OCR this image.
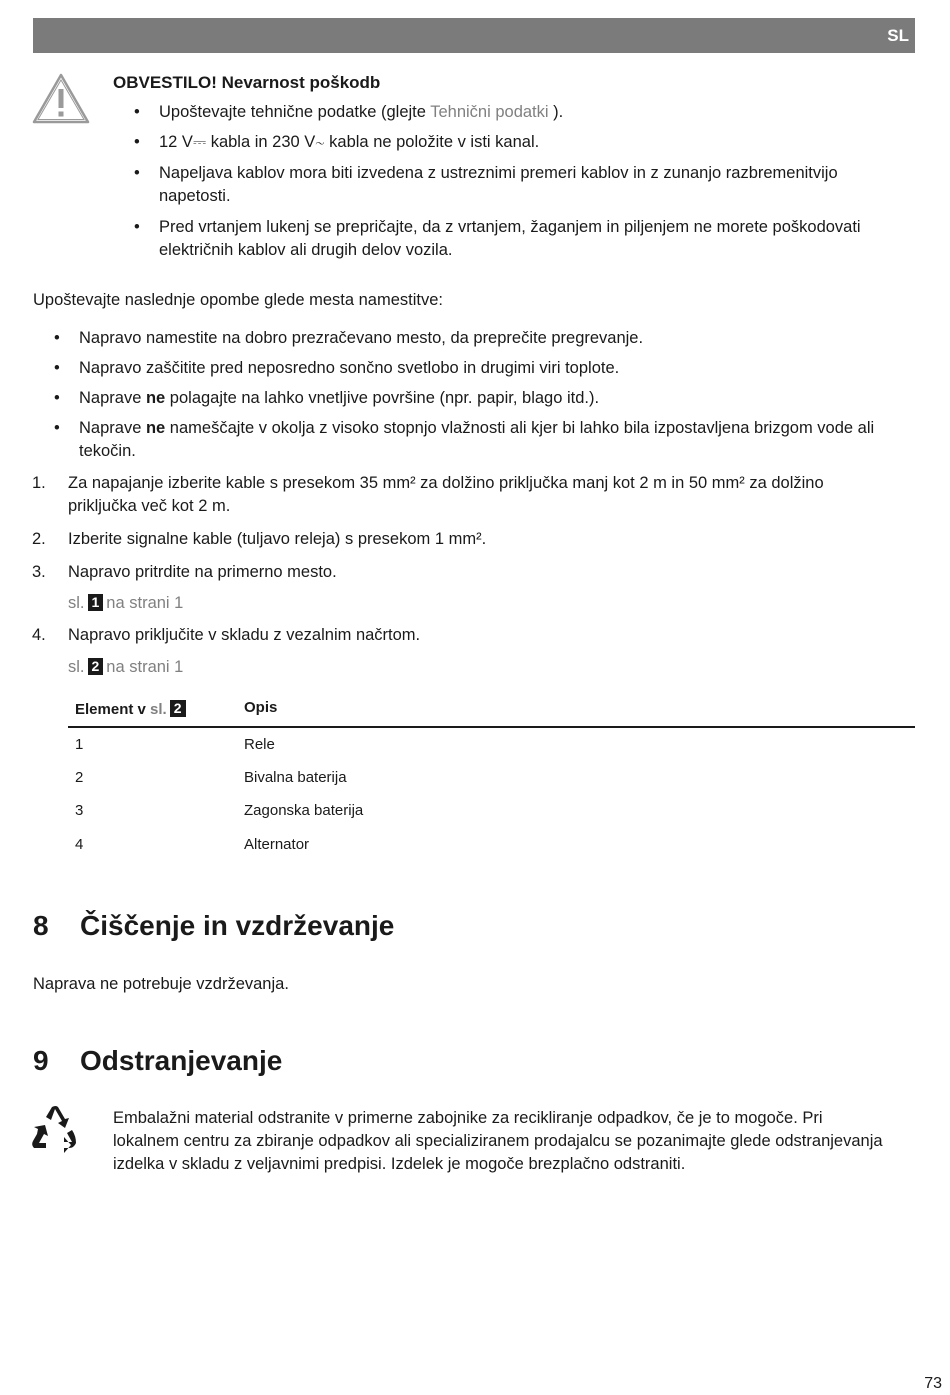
SL
OBVESTILO! Nevarnost poškodb
• Upoštevajte tehnične podatke (glejte Tehnični podatki ).
• 12 V⎓ kabla in 230 V∼ kabla ne položite v isti kanal.
• Napeljava kablov mora biti izvedena z ustreznimi premeri kablov in z zunanjo razbremenitvijo
napetosti.
• Pred vrtanjem lukenj se prepričajte, da z vrtanjem, žaganjem in piljenjem ne morete poškodovati
električnih kablov ali drugih delov vozila.
Upoštevajte naslednje opombe glede mesta namestitve:
• Napravo namestite na dobro prezračevano mesto, da preprečite pregrevanje.
• Napravo zaščitite pred neposredno sončno svetlobo in drugimi viri toplote.
• Naprave ne polagajte na lahko vnetljive površine (npr. papir, blago itd.).
• Naprave ne nameščajte v okolja z visoko stopnjo vlažnosti ali kjer bi lahko bila izpostavljena brizgom vode ali
tekočin.
1. Za napajanje izberite kable s presekom 35 mm² za dolžino priključka manj kot 2 m in 50 mm² za dolžino
priključka več kot 2 m.
2. Izberite signalne kable (tuljavo releja) s presekom 1 mm².
3. Napravo pritrdite na primerno mesto.
sl. 1 na strani 1
4. Napravo priključite v skladu z vezalnim načrtom.
sl. 2 na strani 1
Element v sl. 2	Opis
1	Rele
2	Bivalna baterija
3	Zagonska baterija
4	Alternator
8 Čiščenje in vzdrževanje
Naprava ne potrebuje vzdrževanja.
9 Odstranjevanje
Embalažni material odstranite v primerne zabojnike za recikliranje odpadkov, če je to mogoče. Pri
lokalnem centru za zbiranje odpadkov ali specializiranem prodajalcu se pozanimajte glede odstranjevanja
izdelka v skladu z veljavnimi predpisi. Izdelek je mogoče brezplačno odstraniti.
73
